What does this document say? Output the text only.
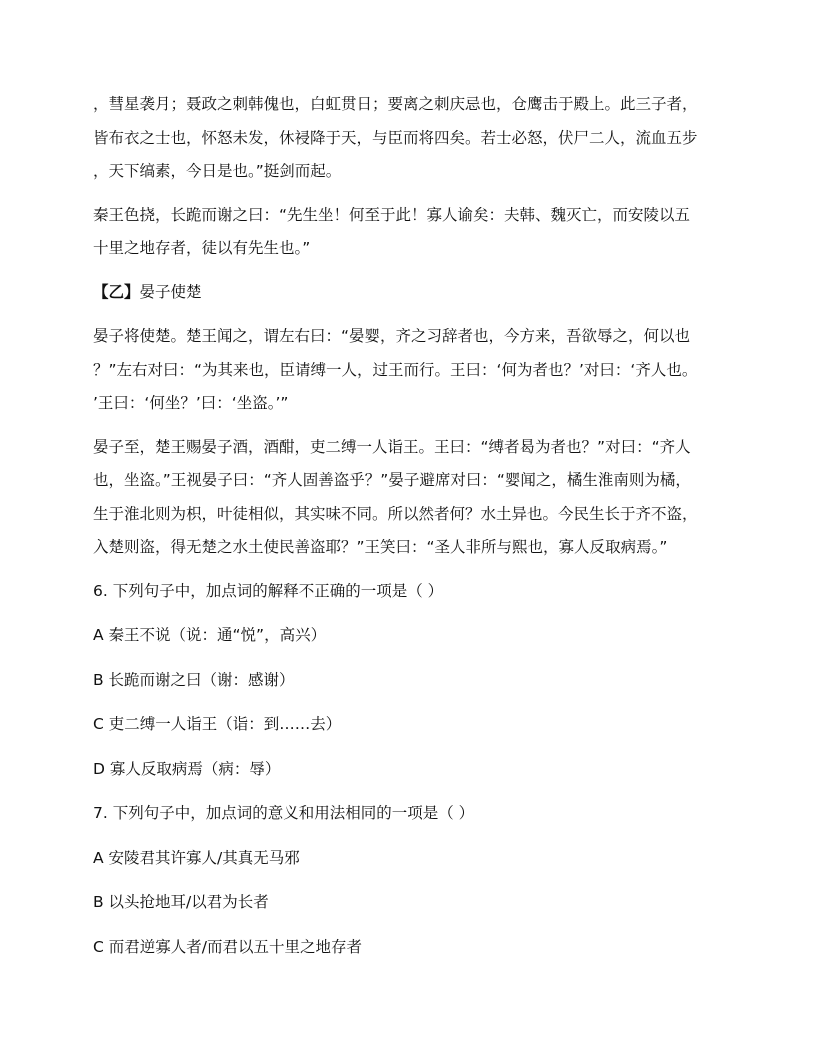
，彗星袭月；聂政之刺韩傀也，白虹贯日；要离之刺庆忌也，仓鹰击于殿上。此三子者，

皆布衣之士也，怀怒未发，休祲降于天，与臣而将四矣。若士必怒，伏尸二人，流血五步

，天下缟素，今日是也。”挺剑而起。

秦王色挠，长跪而谢之曰：“先生坐！何至于此！寡人谕矣：夫韩、魏灭亡，而安陵以五

十里之地存者，徒以有先生也。”

【乙】晏子使楚

晏子将使楚。楚王闻之，谓左右曰：“晏婴，齐之习辞者也，今方来，吾欲辱之，何以也

？”左右对曰：“为其来也，臣请缚一人，过王而行。王曰：‘何为者也？’对曰：‘齐人也。

’王曰：‘何坐？’曰：‘坐盗。’”

晏子至，楚王赐晏子酒，酒酣，吏二缚一人诣王。王曰：“缚者曷为者也？”对曰：“齐人

也，坐盗。”王视晏子曰：“齐人固善盗乎？”晏子避席对曰：“婴闻之，橘生淮南则为橘，

生于淮北则为枳，叶徒相似，其实味不同。所以然者何？水土异也。今民生长于齐不盗，

入楚则盗，得无楚之水土使民善盗耶？”王笑曰：“圣人非所与熙也，寡人反取病焉。”

6. 下列句子中，加点词的解释不正确的一项是（ ）
A 秦王不说（说：通“悦”，高兴）
B 长跪而谢之曰（谢：感谢）
C 吏二缚一人诣王（诣：到……去）
D 寡人反取病焉（病：辱）
7. 下列句子中，加点词的意义和用法相同的一项是（ ）
A 安陵君其许寡人/其真无马邪
B 以头抢地耳/以君为长者
C 而君逆寡人者/而君以五十里之地存者
